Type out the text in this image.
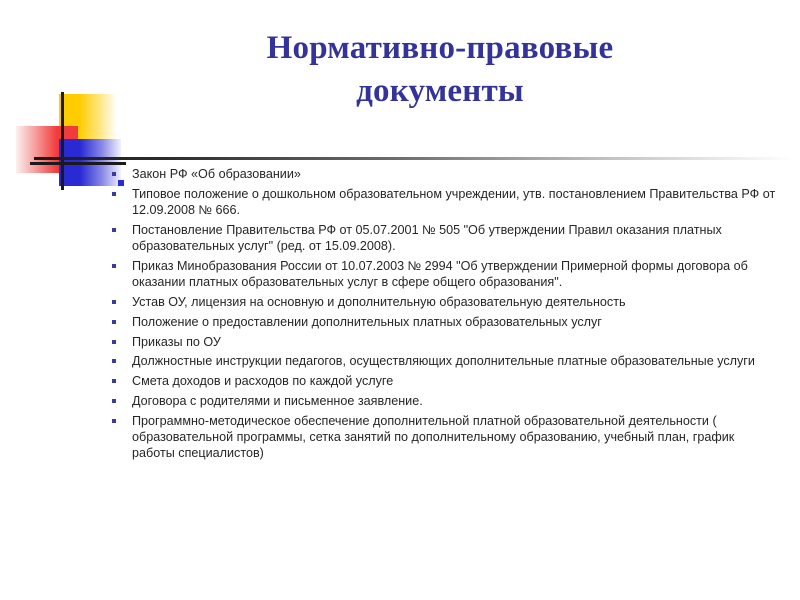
Нормативно-правовые
документы
Закон РФ «Об образовании»
Типовое положение о дошкольном образовательном учреждении, утв. постановлением Правительства РФ от 12.09.2008 № 666.
Постановление Правительства РФ от 05.07.2001 № 505 "Об утверждении Правил оказания платных образовательных услуг" (ред. от 15.09.2008).
Приказ Минобразования России от 10.07.2003 № 2994 "Об утверждении Примерной формы договора об оказании платных образовательных услуг в сфере общего образования".
Устав ОУ, лицензия на основную и дополнительную образовательную деятельность
Положение о предоставлении дополнительных платных образовательных услуг
Приказы по ОУ
Должностные инструкции педагогов, осуществляющих дополнительные платные образовательные услуги
Смета доходов и расходов по каждой услуге
Договора с родителями и письменное заявление.
Программно-методическое обеспечение дополнительной платной образовательной деятельности ( образовательной программы, сетка занятий по дополнительному образованию, учебный план, график работы специалистов)
